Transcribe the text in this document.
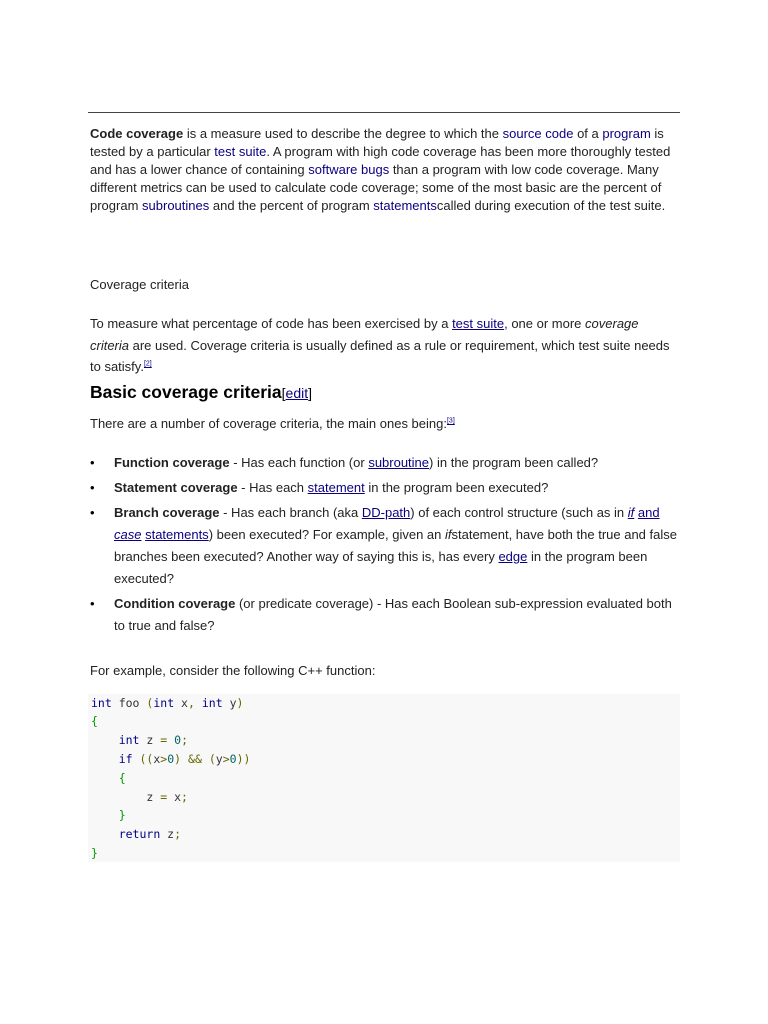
Code coverage is a measure used to describe the degree to which the source code of a program is tested by a particular test suite. A program with high code coverage has been more thoroughly tested and has a lower chance of containing software bugs than a program with low code coverage. Many different metrics can be used to calculate code coverage; some of the most basic are the percent of program subroutines and the percent of program statementscalled during execution of the test suite.

Coverage criteria

To measure what percentage of code has been exercised by a test suite, one or more coverage criteria are used. Coverage criteria is usually defined as a rule or requirement, which test suite needs to satisfy.[2]

Basic coverage criteria[edit]

There are a number of coverage criteria, the main ones being:[3]

• Function coverage - Has each function (or subroutine) in the program been called?
• Statement coverage - Has each statement in the program been executed?
• Branch coverage - Has each branch (aka DD-path) of each control structure (such as in if and case statements) been executed? For example, given an ifstatement, have both the true and false branches been executed? Another way of saying this is, has every edge in the program been executed?
• Condition coverage (or predicate coverage) - Has each Boolean sub-expression evaluated both to true and false?

For example, consider the following C++ function:

int foo (int x, int y)
{
int z = 0;
if ((x>0) && (y>0))
{
z = x;
}
return z;
}
